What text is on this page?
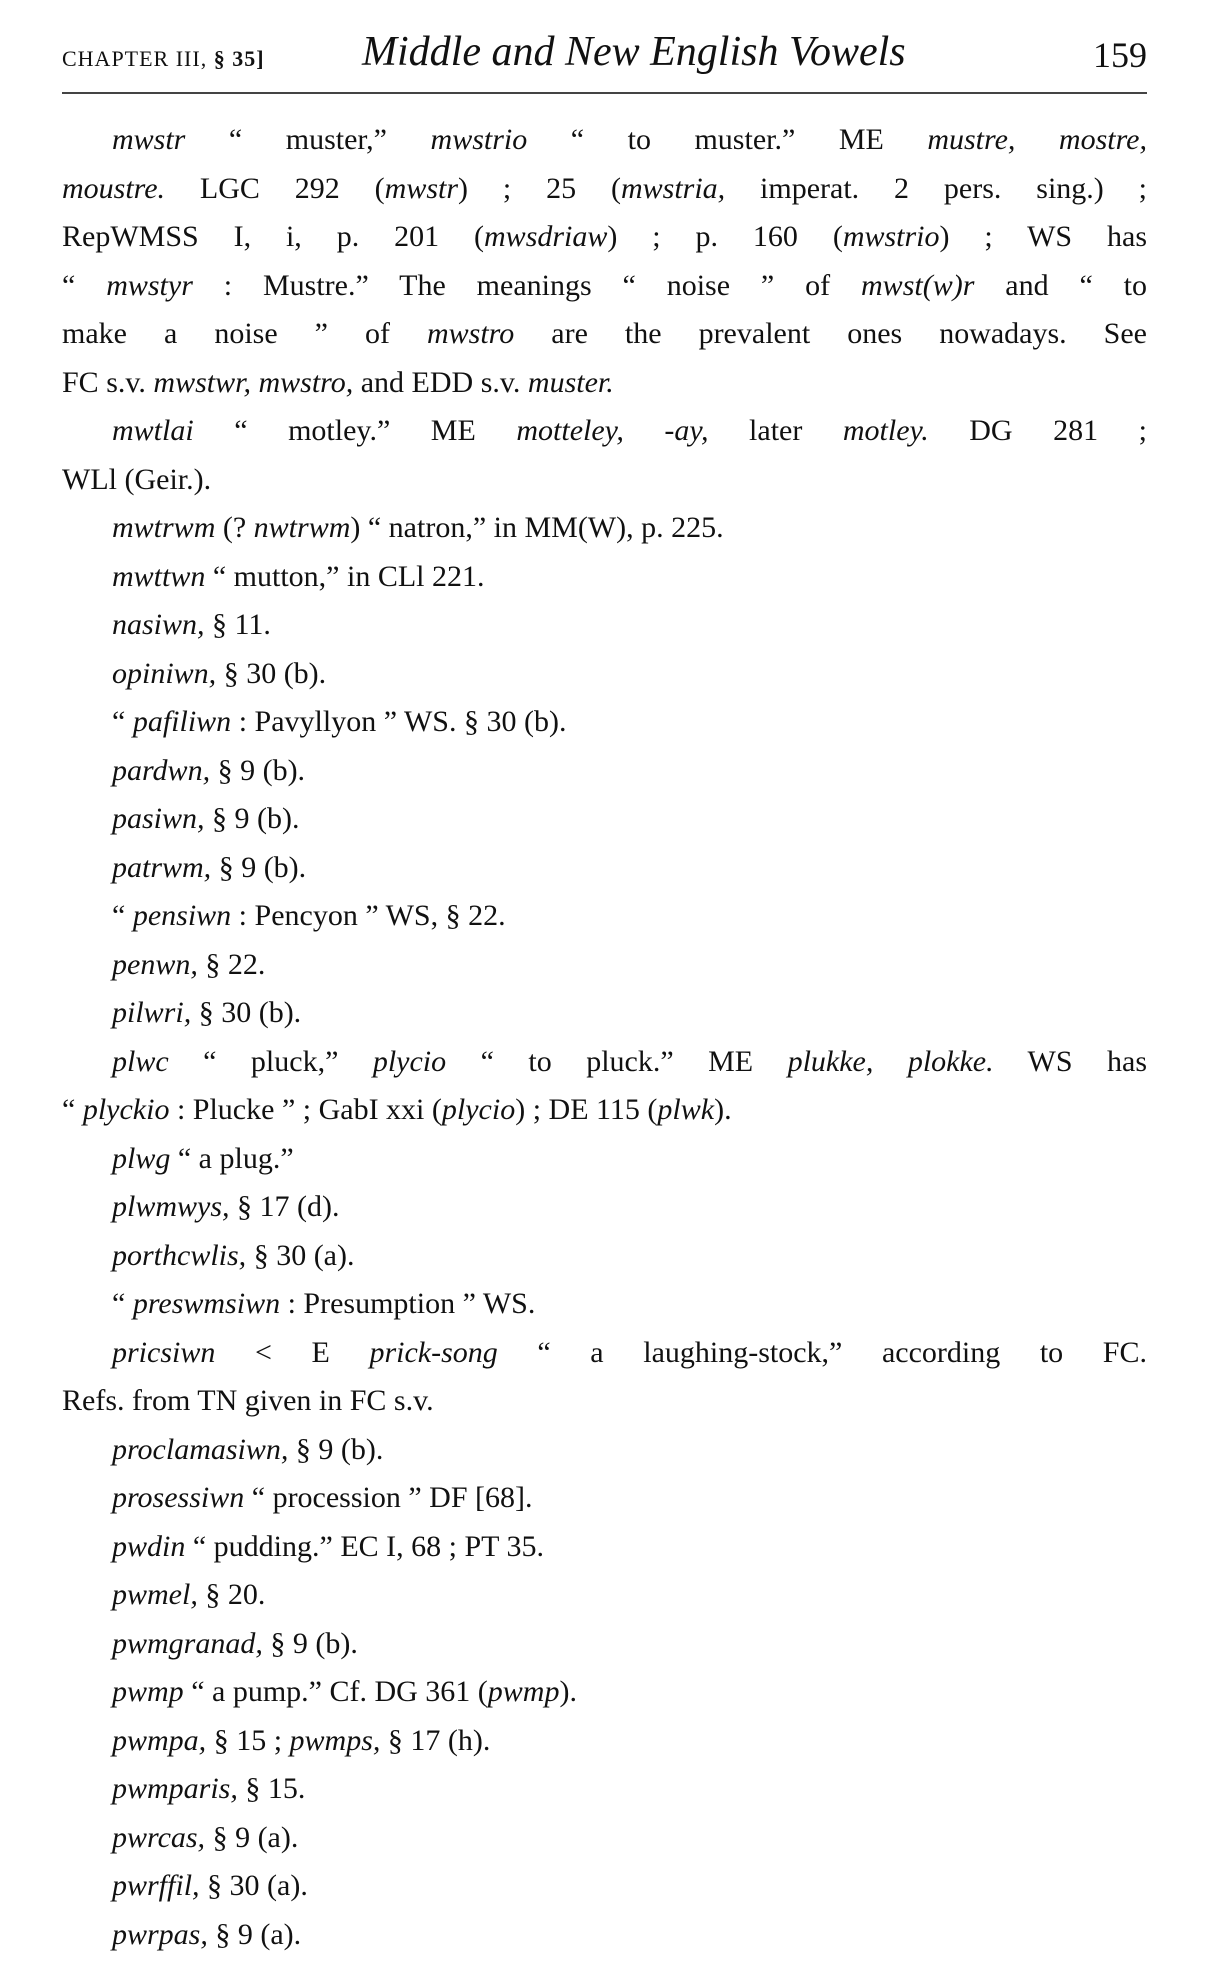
CHAPTER III, § 35] Middle and New English Vowels	159
mwstr “ muster,” mwstrio “ to muster.” ME mustre, mostre,
moustre. LGC 292 (mwstr) ; 25 (mwstria, imperat. 2 pers. sing.) ;
RepWMSS I, i, p. 201 (mwsdriaw) ; p. 160 (mwstrio) ; WS has
“ mwstyr : Mustre.” The meanings “ noise ” of mwst(w)r and “ to
make a noise ” of mwstro are the prevalent ones nowadays. See
FC s.v. mwstwr, mwstro, and EDD s.v. muster.
mwtlai “ motley.” ME motteley, -ay, later motley. DG 281 ;
WLl (Geir.).
mwtrwm (? nwtrwm) “ natron,” in MM(W), p. 225.
mwttwn “ mutton,” in CLl 221.
nasiwn, § 11.
opiniwn, § 30 (b).
“ pafiliwn : Pavyllyon ” WS. § 30 (b).
pardwn, § 9 (b).
pasiwn, § 9 (b).
patrwm, § 9 (b).
“ pensiwn : Pencyon ” WS, § 22.
penwn, § 22.
pilwri, § 30 (b).
plwc “ pluck,” plycio “ to pluck.” ME plukke, plokke. WS has
“ plyckio : Plucke ” ; GabI xxi (plycio) ; DE 115 (plwk).
plwg “ a plug.”
plwmwys, § 17 (d).
porthcwlis, § 30 (a).
“ preswmsiwn : Presumption ” WS.
pricsiwn < E prick-song “ a laughing-stock,” according to FC.
Refs. from TN given in FC s.v.
proclamasiwn, § 9 (b).
prosessiwn “ procession ” DF [68].
pwdin “ pudding.” EC I, 68 ; PT 35.
pwmel, § 20.
pwmgranad, § 9 (b).
pwmp “ a pump.” Cf. DG 361 (pwmp).
pwmpa, § 15 ; pwmps, § 17 (h).
pwmparis, § 15.
pwrcas, § 9 (a).
pwrffil, § 30 (a).
pwrpas, § 9 (a).
